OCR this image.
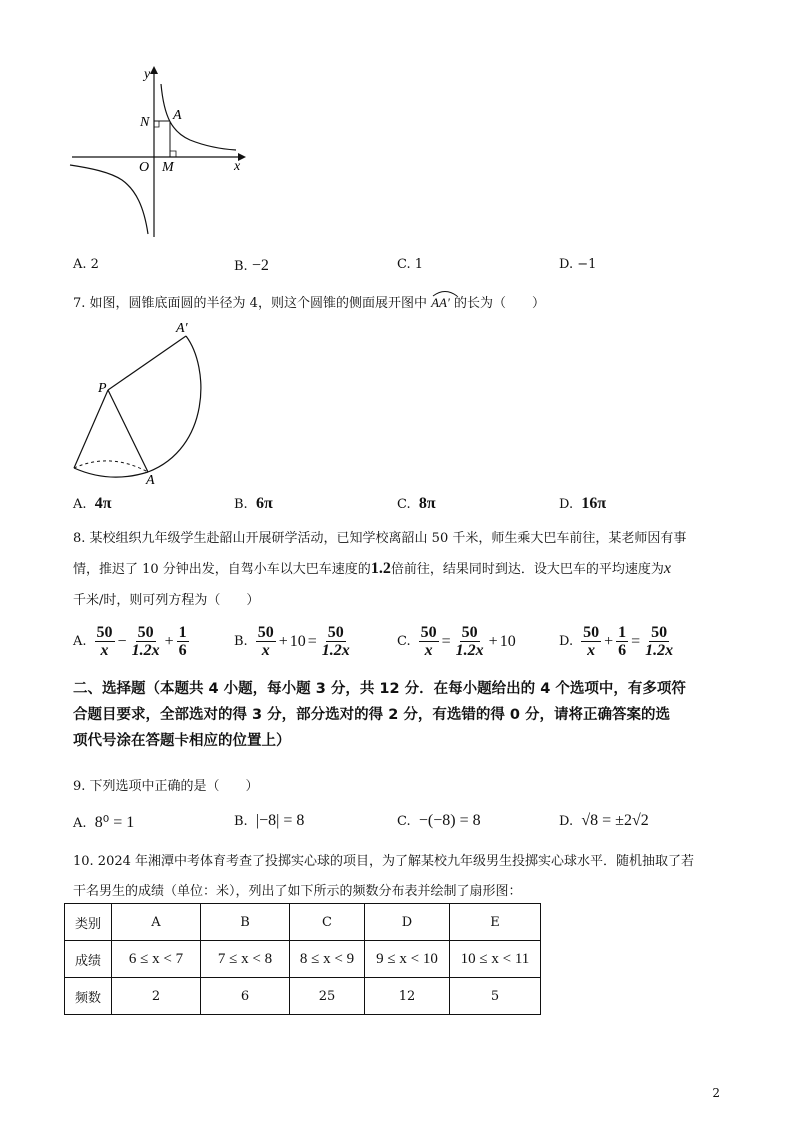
y
x
O
N A
M
A. 2	B. −2	C. 1	D. −1
7. 如图，圆锥底面圆的半径为 4，则这个圆锥的侧面展开图中 AA′ 的长为（　　）
A′
P
A
A. 4π	B. 6π	C. 8π	D. 16π
8. 某校组织九年级学生赴韶山开展研学活动，已知学校离韶山 50 千米，师生乘大巴车前往，某老师因有事
情，推迟了 10 分钟出发，自驾小车以大巴车速度的1.2倍前往，结果同时到达．设大巴车的平均速度为x
千米/时，则可列方程为（　　）
A. $\frac{50}{x} - \frac{50}{1.2x} + \frac{1}{6}$	B. $\frac{50}{x} + 10 = \frac{50}{1.2x}$	C. $\frac{50}{x} = \frac{50}{1.2x} + 10$	D. $\frac{50}{x} + \frac{1}{6} = \frac{50}{1.2x}$
二、选择题（本题共 4 小题，每小题 3 分，共 12 分．在每小题给出的 4 个选项中，有多项符
合题目要求，全部选对的得 3 分，部分选对的得 2 分，有选错的得 0 分，请将正确答案的选
项代号涂在答题卡相应的位置上）
9. 下列选项中正确的是（　　）
A. 8⁰ = 1	B. |−8| = 8	C. −(−8) = 8	D. √8 = ±2√2
10. 2024 年湘潭中考体育考查了投掷实心球的项目，为了解某校九年级男生投掷实心球水平．随机抽取了若
干名男生的成绩（单位：米），列出了如下所示的频数分布表并绘制了扇形图：
类别	A	B	C	D	E
成绩	6 ≤ x < 7	7 ≤ x < 8	8 ≤ x < 9	9 ≤ x < 10	10 ≤ x < 11
频数	2	6	25	12	5
2
